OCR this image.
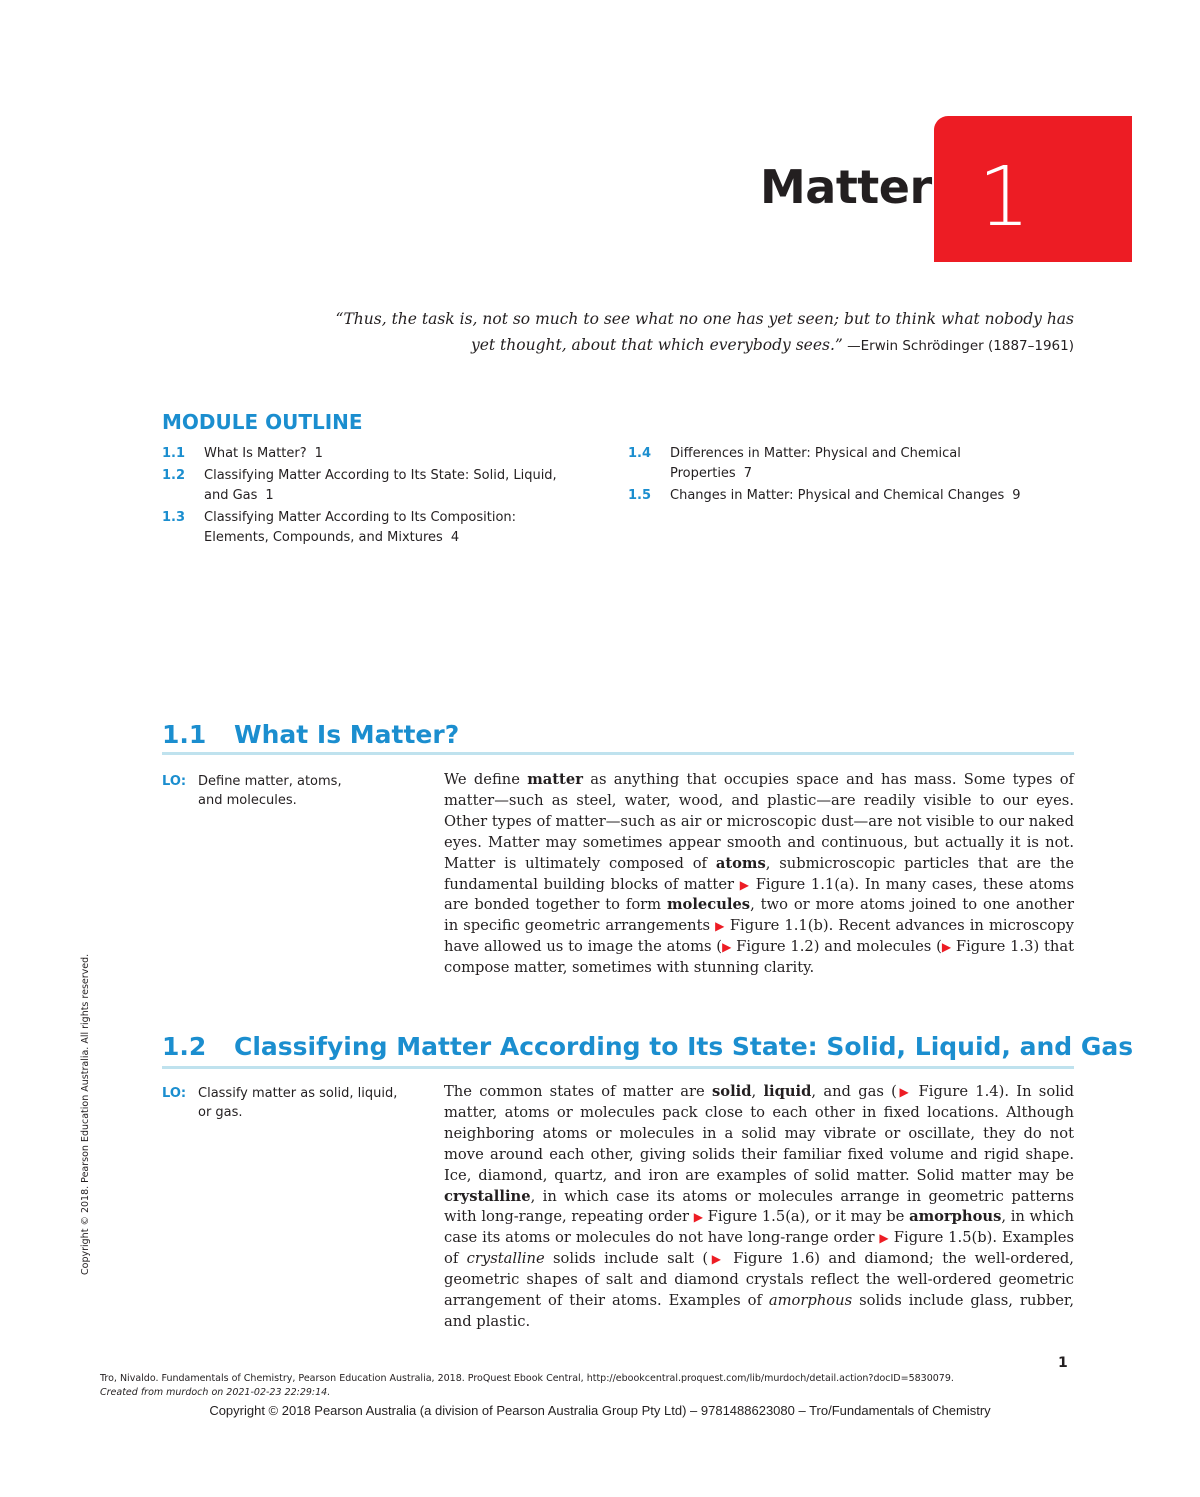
Matter 1
“Thus, the task is, not so much to see what no one has yet seen; but to think what nobody has
yet thought, about that which everybody sees.” —Erwin Schrödinger (1887–1961)
MODULE OUTLINE
1.1	What Is Matter? 1
1.2	Classifying Matter According to Its State: Solid, Liquid, and Gas 1
1.3	Classifying Matter According to Its Composition: Elements, Compounds, and Mixtures 4
1.4	Differences in Matter: Physical and Chemical Properties 7
1.5	Changes in Matter: Physical and Chemical Changes 9
1.1 What Is Matter?
LO: Define matter, atoms, and molecules.
We define matter as anything that occupies space and has mass. Some types of matter—such as steel, water, wood, and plastic—are readily visible to our eyes. Other types of matter—such as air or microscopic dust—are not visible to our naked eyes. Matter may sometimes appear smooth and continuous, but actually it is not. Matter is ultimately composed of atoms, submicroscopic particles that are the fundamental building blocks of matter ▶ Figure 1.1(a). In many cases, these atoms are bonded together to form molecules, two or more atoms joined to one another in specific geometric arrangements ▶ Figure 1.1(b). Recent advances in microscopy have allowed us to image the atoms (▶ Figure 1.2) and molecules (▶ Figure 1.3) that compose matter, sometimes with stunning clarity.
1.2 Classifying Matter According to Its State: Solid, Liquid, and Gas
LO: Classify matter as solid, liquid, or gas.
The common states of matter are solid, liquid, and gas (▶ Figure 1.4). In solid matter, atoms or molecules pack close to each other in fixed locations. Although neighboring atoms or molecules in a solid may vibrate or oscillate, they do not move around each other, giving solids their familiar fixed volume and rigid shape. Ice, diamond, quartz, and iron are examples of solid matter. Solid matter may be crystalline, in which case its atoms or molecules arrange in geometric patterns with long-range, repeating order ▶ Figure 1.5(a), or it may be amorphous, in which case its atoms or molecules do not have long-range order ▶ Figure 1.5(b). Examples of crystalline solids include salt (▶ Figure 1.6) and diamond; the well-ordered, geometric shapes of salt and diamond crystals reflect the well-ordered geometric arrangement of their atoms. Examples of amorphous solids include glass, rubber, and plastic.
Copyright © 2018. Pearson Education Australia. All rights reserved.
1
Tro, Nivaldo. Fundamentals of Chemistry, Pearson Education Australia, 2018. ProQuest Ebook Central, http://ebookcentral.proquest.com/lib/murdoch/detail.action?docID=5830079.
Created from murdoch on 2021-02-23 22:29:14.
Copyright © 2018 Pearson Australia (a division of Pearson Australia Group Pty Ltd) – 9781488623080 – Tro/Fundamentals of Chemistry
